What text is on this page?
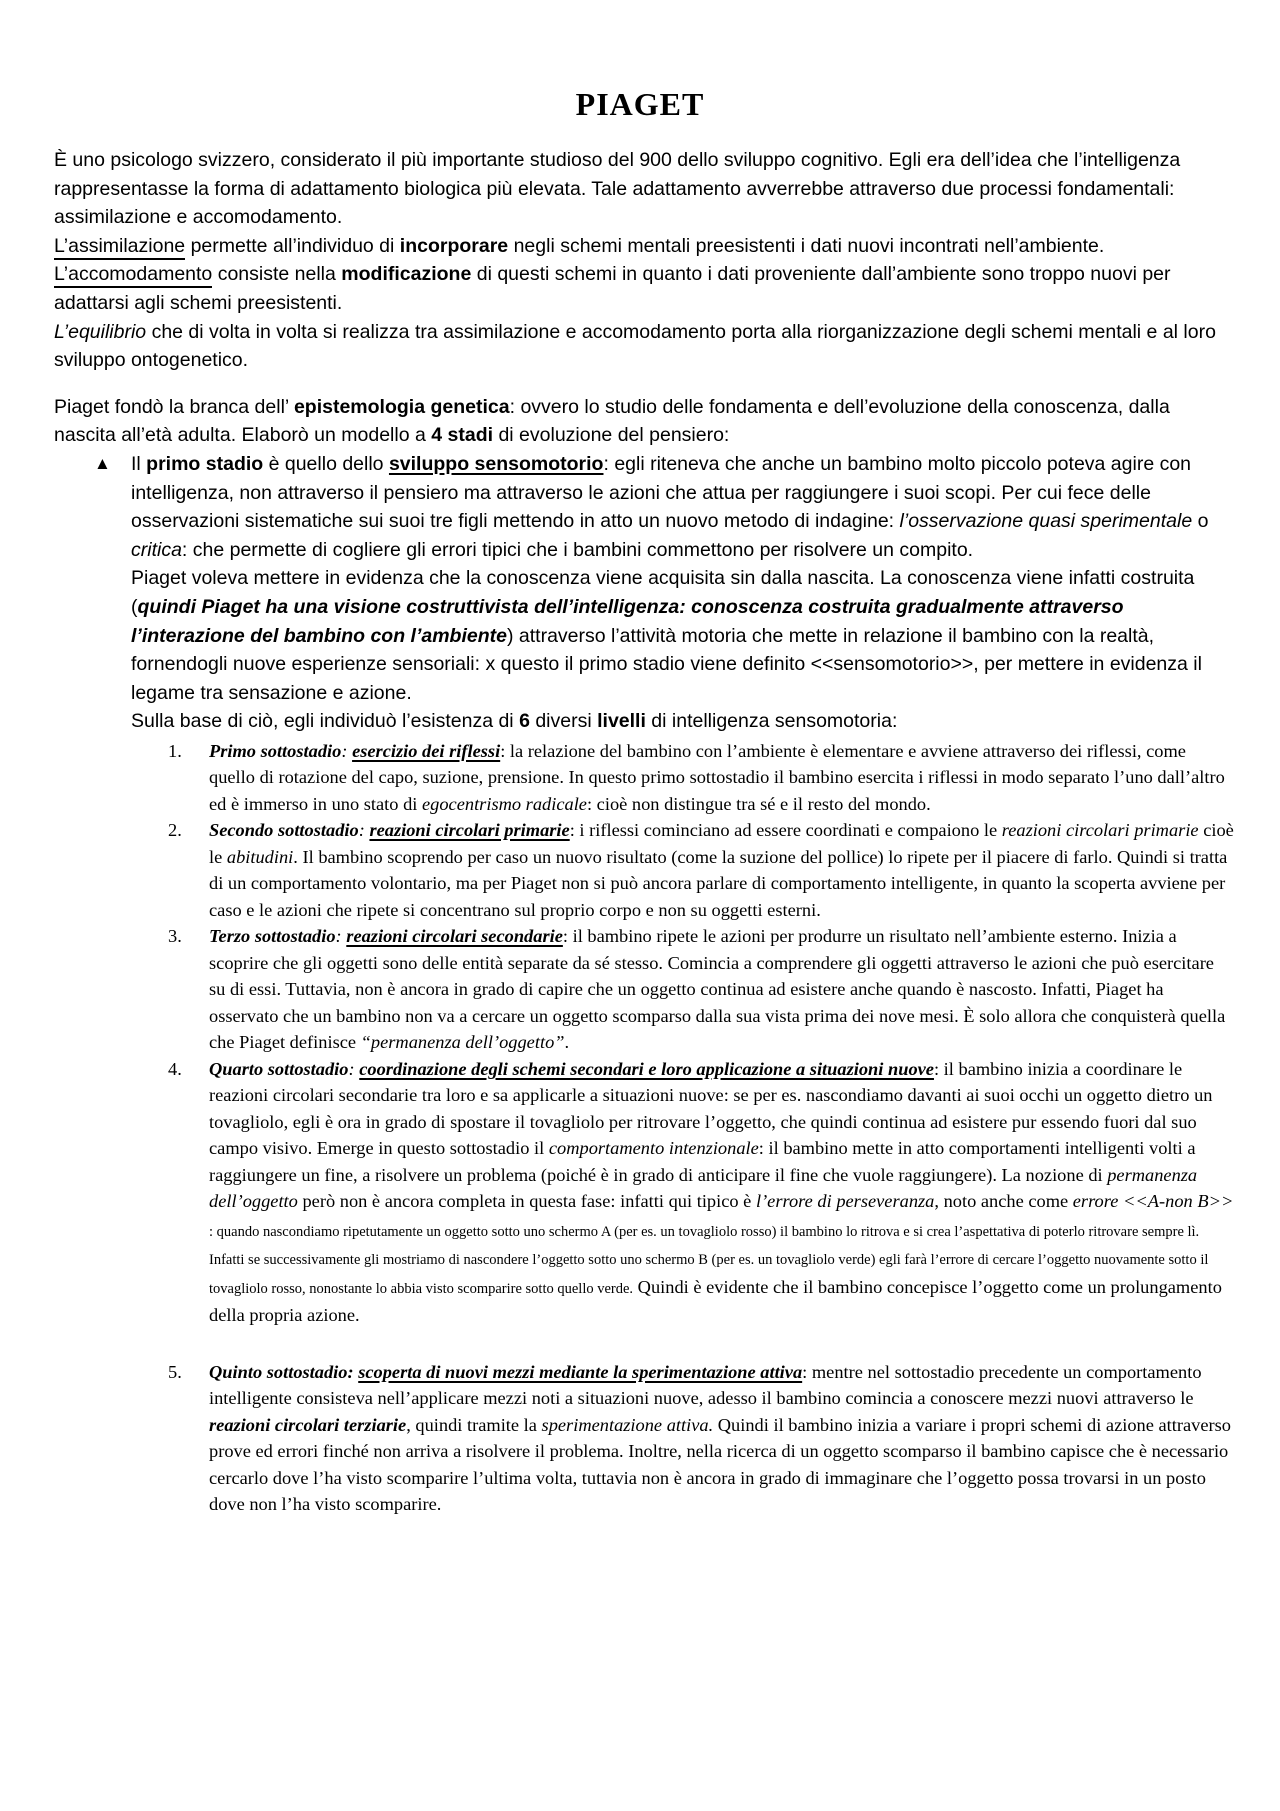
PIAGET

È uno psicologo svizzero, considerato il più importante studioso del 900 dello sviluppo cognitivo. Egli era dell’idea che l’intelligenza rappresentasse la forma di adattamento biologica più elevata. Tale adattamento avverrebbe attraverso due processi fondamentali: assimilazione e accomodamento.

L’assimilazione permette all’individuo di incorporare negli schemi mentali preesistenti i dati nuovi incontrati nell’ambiente.

L’accomodamento consiste nella modificazione di questi schemi in quanto i dati proveniente dall’ambiente sono troppo nuovi per adattarsi agli schemi preesistenti.

L’equilibrio che di volta in volta si realizza tra assimilazione e accomodamento porta alla riorganizzazione degli schemi mentali e al loro sviluppo ontogenetico.

Piaget fondò la branca dell’ epistemologia genetica: ovvero lo studio delle fondamenta e dell’evoluzione della conoscenza, dalla nascita all’età adulta. Elaborò un modello a 4 stadi di evoluzione del pensiero:

▲ Il primo stadio è quello dello sviluppo sensomotorio: egli riteneva che anche un bambino molto piccolo poteva agire con intelligenza, non attraverso il pensiero ma attraverso le azioni che attua per raggiungere i suoi scopi. Per cui fece delle osservazioni sistematiche sui suoi tre figli mettendo in atto un nuovo metodo di indagine: l’osservazione quasi sperimentale o critica: che permette di cogliere gli errori tipici che i bambini commettono per risolvere un compito.

Piaget voleva mettere in evidenza che la conoscenza viene acquisita sin dalla nascita. La conoscenza viene infatti costruita (quindi Piaget ha una visione costruttivista dell’intelligenza: conoscenza costruita gradualmente attraverso l’interazione del bambino con l’ambiente) attraverso l’attività motoria che mette in relazione il bambino con la realtà, fornendogli nuove esperienze sensoriali: x questo il primo stadio viene definito <<sensomotorio>>, per mettere in evidenza il legame tra sensazione e azione.

Sulla base di ciò, egli individuò l’esistenza di 6 diversi livelli di intelligenza sensomotoria:

1. Primo sottostadio: esercizio dei riflessi: la relazione del bambino con l’ambiente è elementare e avviene attraverso dei riflessi, come quello di rotazione del capo, suzione, prensione. In questo primo sottostadio il bambino esercita i riflessi in modo separato l’uno dall’altro ed è immerso in uno stato di egocentrismo radicale: cioè non distingue tra sé e il resto del mondo.
2. Secondo sottostadio: reazioni circolari primarie: i riflessi cominciano ad essere coordinati e compaiono le reazioni circolari primarie cioè le abitudini. Il bambino scoprendo per caso un nuovo risultato (come la suzione del pollice) lo ripete per il piacere di farlo. Quindi si tratta di un comportamento volontario, ma per Piaget non si può ancora parlare di comportamento intelligente, in quanto la scoperta avviene per caso e le azioni che ripete si concentrano sul proprio corpo e non su oggetti esterni.
3. Terzo sottostadio: reazioni circolari secondarie: il bambino ripete le azioni per produrre un risultato nell’ambiente esterno. Inizia a scoprire che gli oggetti sono delle entità separate da sé stesso. Comincia a comprendere gli oggetti attraverso le azioni che può esercitare su di essi. Tuttavia, non è ancora in grado di capire che un oggetto continua ad esistere anche quando è nascosto. Infatti, Piaget ha osservato che un bambino non va a cercare un oggetto scomparso dalla sua vista prima dei nove mesi. È solo allora che conquisterà quella che Piaget definisce “permanenza dell’oggetto”.
4. Quarto sottostadio: coordinazione degli schemi secondari e loro applicazione a situazioni nuove: il bambino inizia a coordinare le reazioni circolari secondarie tra loro e sa applicarle a situazioni nuove: se per es. nascondiamo davanti ai suoi occhi un oggetto dietro un tovagliolo, egli è ora in grado di spostare il tovagliolo per ritrovare l’oggetto, che quindi continua ad esistere pur essendo fuori dal suo campo visivo. Emerge in questo sottostadio il comportamento intenzionale: il bambino mette in atto comportamenti intelligenti volti a raggiungere un fine, a risolvere un problema (poiché è in grado di anticipare il fine che vuole raggiungere). La nozione di permanenza dell’oggetto però non è ancora completa in questa fase: infatti qui tipico è l’errore di perseveranza, noto anche come errore <<A-non B>> : quando nascondiamo ripetutamente un oggetto sotto uno schermo A (per es. un tovagliolo rosso) il bambino lo ritrova e si crea l’aspettativa di poterlo ritrovare sempre lì. Infatti se successivamente gli mostriamo di nascondere l’oggetto sotto uno schermo B (per es. un tovagliolo verde) egli farà l’errore di cercare l’oggetto nuovamente sotto il tovagliolo rosso, nonostante lo abbia visto scomparire sotto quello verde. Quindi è evidente che il bambino concepisce l’oggetto come un prolungamento della propria azione.
5. Quinto sottostadio: scoperta di nuovi mezzi mediante la sperimentazione attiva: mentre nel sottostadio precedente un comportamento intelligente consisteva nell’applicare mezzi noti a situazioni nuove, adesso il bambino comincia a conoscere mezzi nuovi attraverso le reazioni circolari terziarie, quindi tramite la sperimentazione attiva. Quindi il bambino inizia a variare i propri schemi di azione attraverso prove ed errori finché non arriva a risolvere il problema. Inoltre, nella ricerca di un oggetto scomparso il bambino capisce che è necessario cercarlo dove l’ha visto scomparire l’ultima volta, tuttavia non è ancora in grado di immaginare che l’oggetto possa trovarsi in un posto dove non l’ha visto scomparire.
